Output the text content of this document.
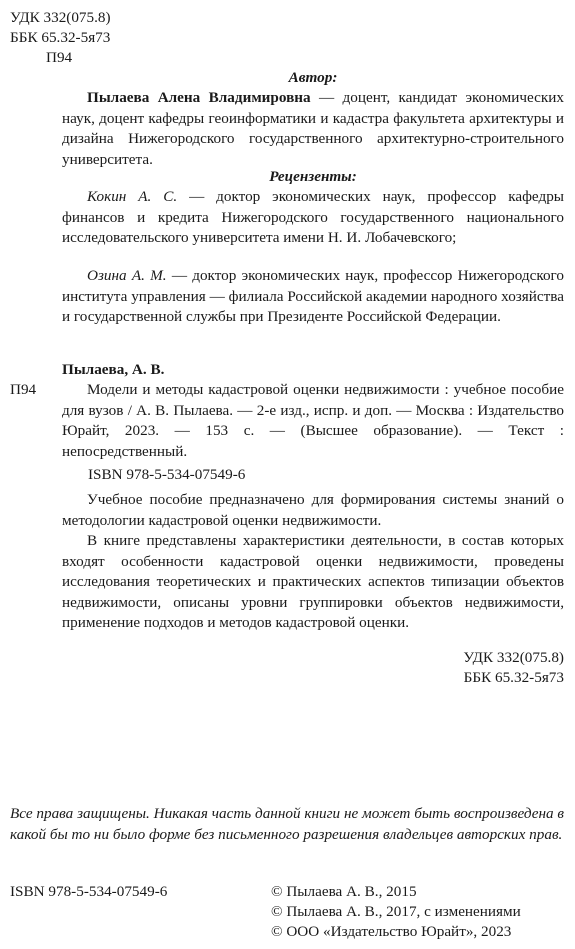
УДК 332(075.8)
ББК 65.32-5я73
П94
Автор:

Пылаева Алена Владимировна — доцент, кандидат экономических наук, доцент кафедры геоинформатики и кадастра факультета архитектуры и дизайна Нижегородского государственного архитектурно-строительного университета.

Рецензенты:

Кокин А. С. — доктор экономических наук, профессор кафедры финансов и кредита Нижегородского государственного национального исследовательского университета имени Н. И. Лобачевского;

Озина А. М. — доктор экономических наук, профессор Нижегородского института управления — филиала Российской академии народного хозяйства и государственной службы при Президенте Российской Федерации.

Пылаева, А. В.
П94	Модели и методы кадастровой оценки недвижимости : учебное пособие для вузов / А. В. Пылаева. — 2-е изд., испр. и доп. — Москва : Издательство Юрайт, 2023. — 153 с. — (Высшее образование). — Текст : непосредственный.

ISBN 978-5-534-07549-6

Учебное пособие предназначено для формирования системы знаний о методологии кадастровой оценки недвижимости.

В книге представлены характеристики деятельности, в состав которых входят особенности кадастровой оценки недвижимости, проведены исследования теоретических и практических аспектов типизации объектов недвижимости, описаны уровни группировки объектов недвижимости, применение подходов и методов кадастровой оценки.

УДК 332(075.8)
ББК 65.32-5я73

Все права защищены. Никакая часть данной книги не может быть воспроизведена в какой бы то ни было форме без письменного разрешения владельцев авторских прав.

ISBN 978-5-534-07549-6	© Пылаева А. В., 2015
© Пылаева А. В., 2017, с изменениями
© ООО «Издательство Юрайт», 2023
